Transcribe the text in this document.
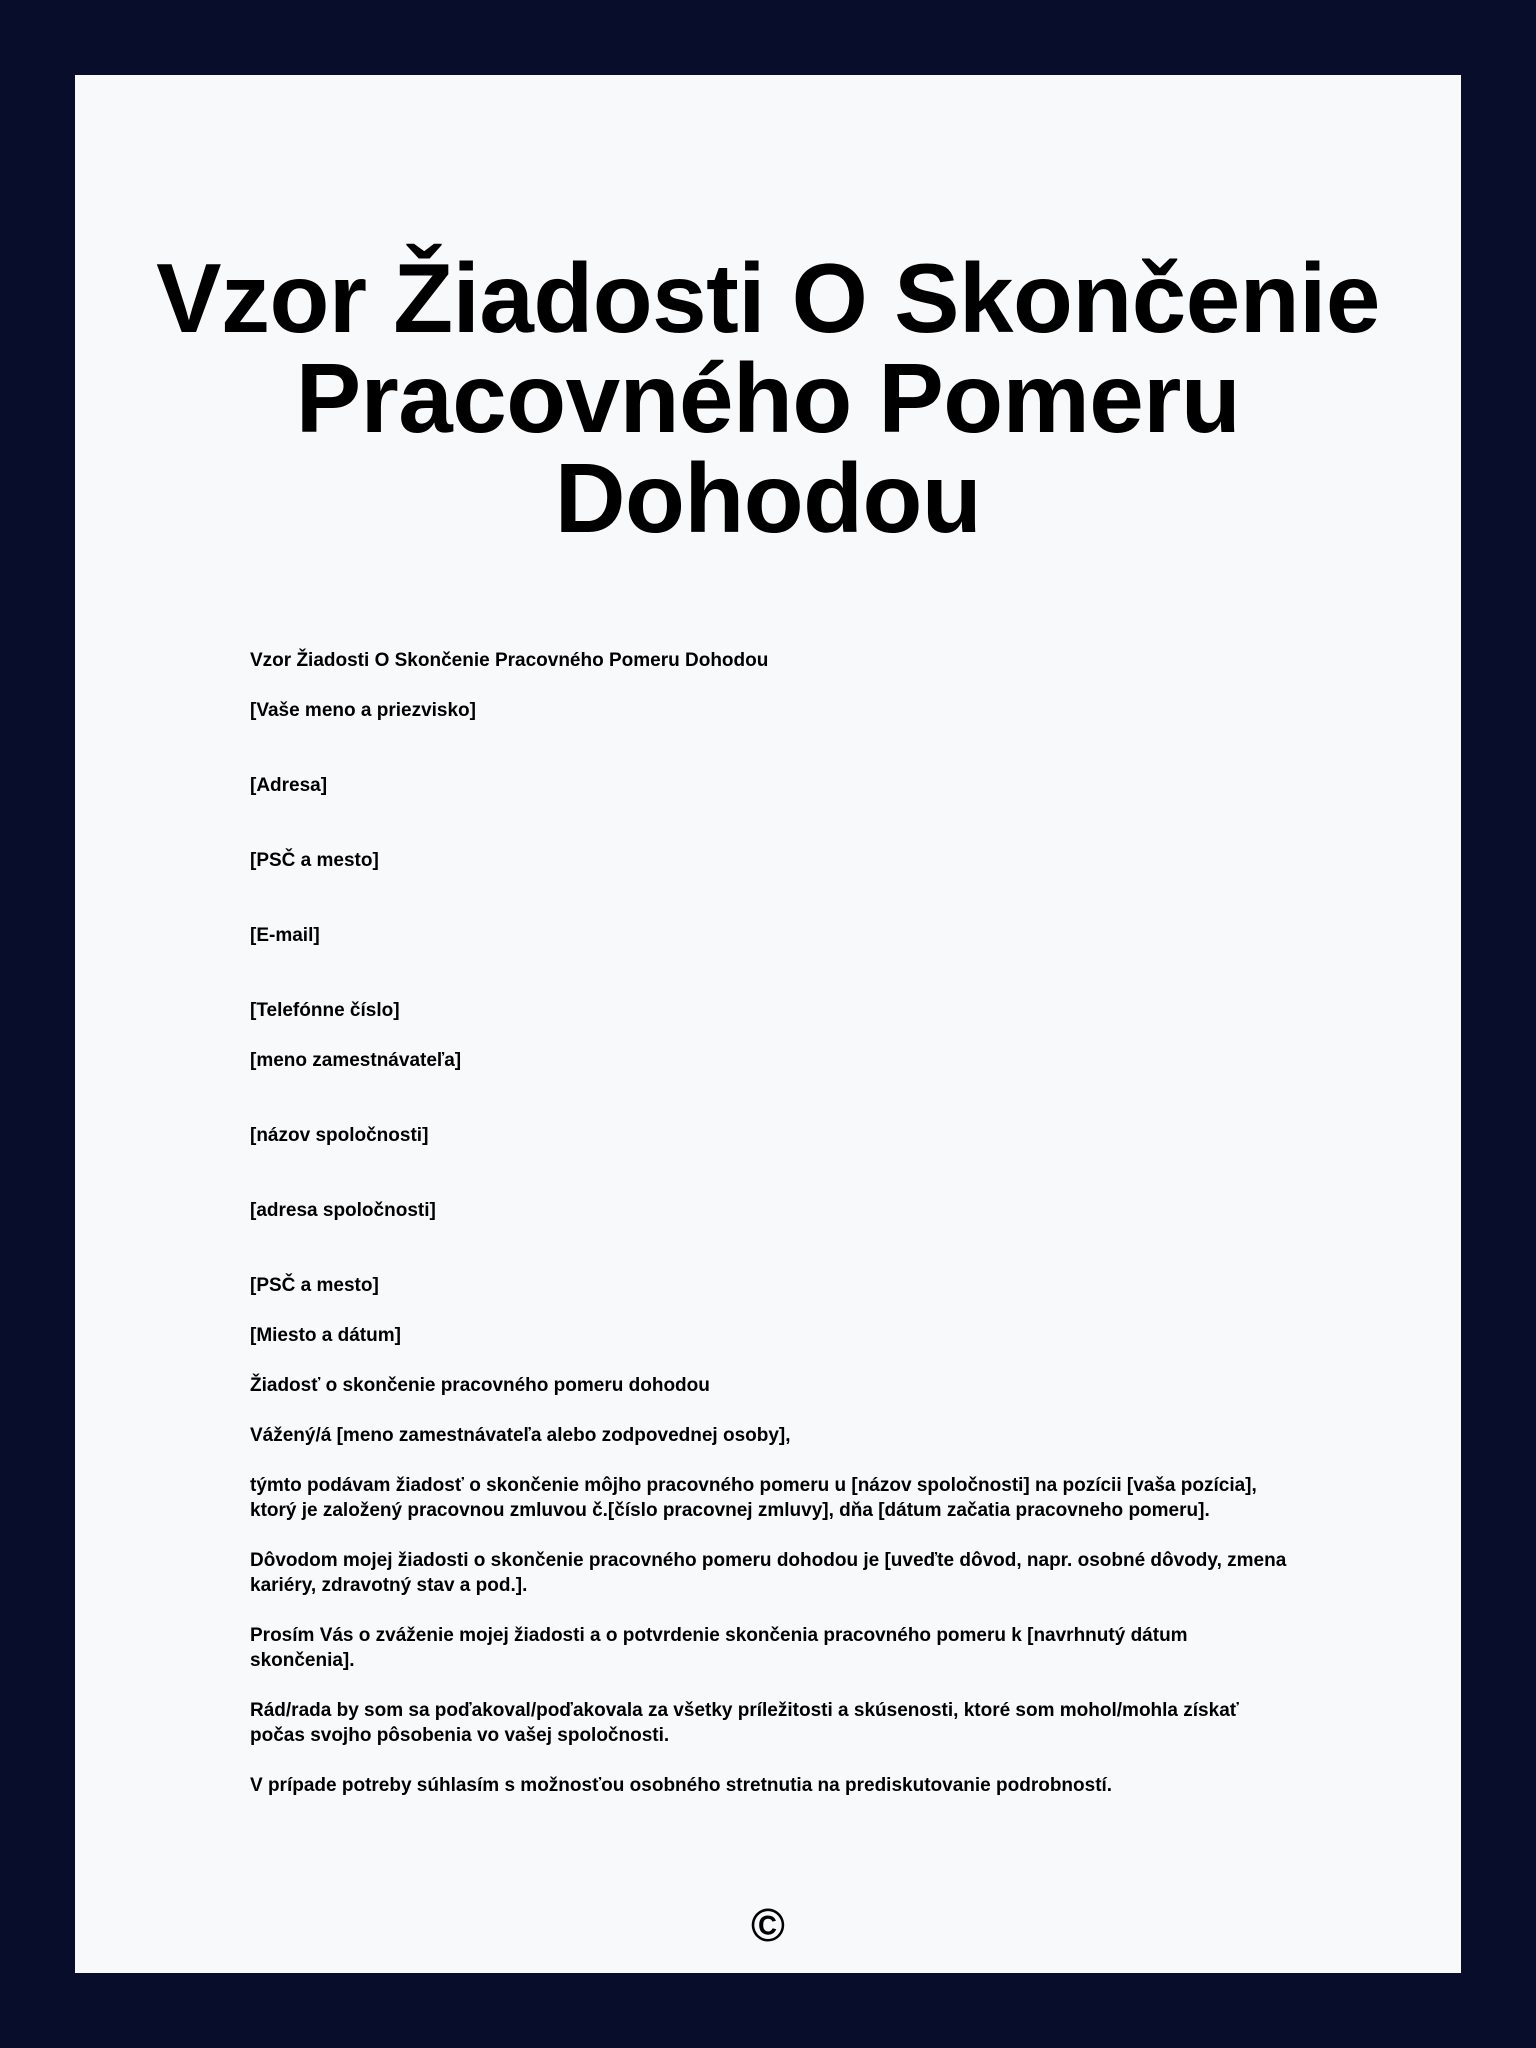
Vzor Žiadosti O Skončenie Pracovného Pomeru Dohodou

Vzor Žiadosti O Skončenie Pracovného Pomeru Dohodou

[Vaše meno a priezvisko]

[Adresa]

[PSČ a mesto]

[E-mail]

[Telefónne číslo]

[meno zamestnávateľa]

[názov spoločnosti]

[adresa spoločnosti]

[PSČ a mesto]

[Miesto a dátum]

Žiadosť o skončenie pracovného pomeru dohodou

Vážený/á [meno zamestnávateľa alebo zodpovednej osoby],

týmto podávam žiadosť o skončenie môjho pracovného pomeru u [názov spoločnosti] na pozícii [vaša pozícia], ktorý je založený pracovnou zmluvou č.[číslo pracovnej zmluvy], dňa [dátum začatia pracovneho pomeru].

Dôvodom mojej žiadosti o skončenie pracovného pomeru dohodou je [uveďte dôvod, napr. osobné dôvody, zmena kariéry, zdravotný stav a pod.].

Prosím Vás o zváženie mojej žiadosti a o potvrdenie skončenia pracovného pomeru k [navrhnutý dátum skončenia].

Rád/rada by som sa poďakoval/poďakovala za všetky príležitosti a skúsenosti, ktoré som mohol/mohla získať počas svojho pôsobenia vo vašej spoločnosti.

V prípade potreby súhlasím s možnosťou osobného stretnutia na prediskutovanie podrobností.

©
